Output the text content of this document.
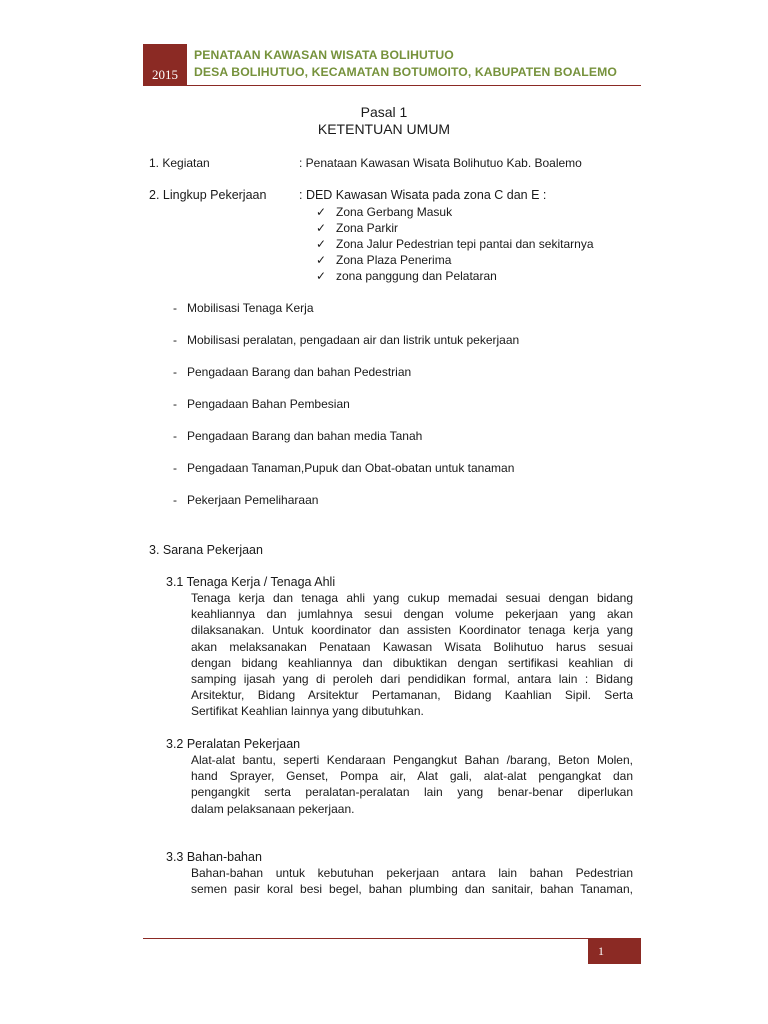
2015
PENATAAN KAWASAN WISATA BOLIHUTUO
DESA BOLIHUTUO, KECAMATAN BOTUMOITO, KABUPATEN BOALEMO
Pasal 1
KETENTUAN UMUM
1. Kegiatan	: Penataan Kawasan Wisata Bolihutuo Kab. Boalemo
2. Lingkup Pekerjaan	: DED Kawasan Wisata pada zona C dan E :
✓ Zona Gerbang Masuk
✓ Zona Parkir
✓ Zona Jalur Pedestrian tepi pantai dan sekitarnya
✓ Zona Plaza Penerima
✓ zona panggung dan Pelataran
- Mobilisasi Tenaga Kerja
- Mobilisasi peralatan, pengadaan air dan listrik untuk pekerjaan
- Pengadaan Barang dan bahan Pedestrian
- Pengadaan Bahan Pembesian
- Pengadaan Barang dan bahan media Tanah
- Pengadaan Tanaman,Pupuk dan Obat-obatan untuk tanaman
- Pekerjaan Pemeliharaan
3. Sarana Pekerjaan
3.1 Tenaga Kerja / Tenaga Ahli
Tenaga kerja dan tenaga ahli yang cukup memadai sesuai dengan bidang
keahliannya dan jumlahnya sesui dengan volume pekerjaan yang akan
dilaksanakan. Untuk koordinator dan assisten Koordinator tenaga kerja yang
akan melaksanakan Penataan Kawasan Wisata Bolihutuo harus sesuai
dengan bidang keahliannya dan dibuktikan dengan sertifikasi keahlian di
samping ijasah yang di peroleh dari pendidikan formal, antara lain : Bidang
Arsitektur, Bidang Arsitektur Pertamanan, Bidang Kaahlian Sipil. Serta
Sertifikat Keahlian lainnya yang dibutuhkan.
3.2 Peralatan Pekerjaan
Alat-alat bantu, seperti Kendaraan Pengangkut Bahan /barang, Beton Molen,
hand Sprayer, Genset, Pompa air, Alat gali, alat-alat pengangkat dan
pengangkit serta peralatan-peralatan lain yang benar-benar diperlukan
dalam pelaksanaan pekerjaan.
3.3 Bahan-bahan
Bahan-bahan untuk kebutuhan pekerjaan antara lain bahan Pedestrian
semen pasir koral besi begel, bahan plumbing dan sanitair, bahan Tanaman,
1
